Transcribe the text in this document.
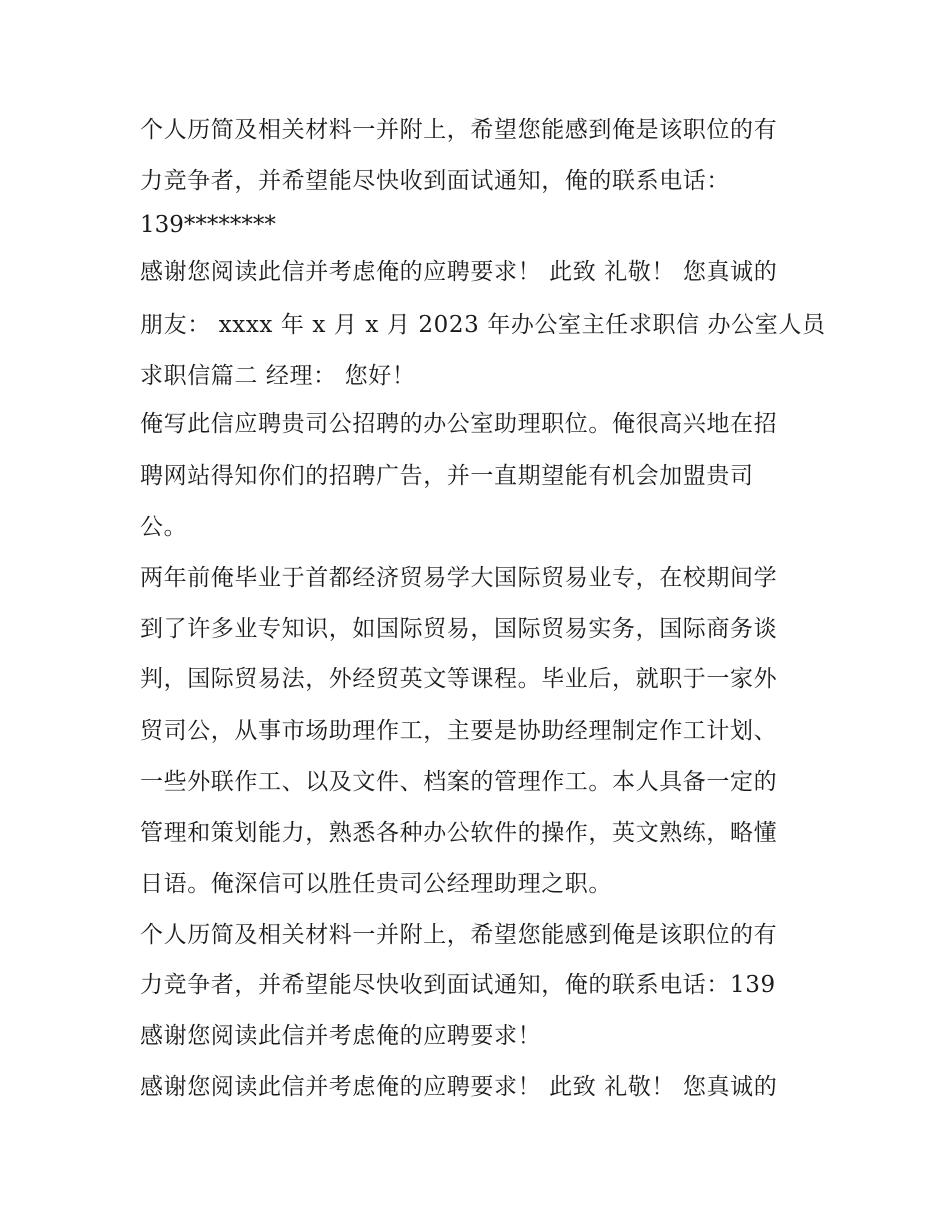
个人历简及相关材料一并附上，希望您能感到俺是该职位的有
力竞争者，并希望能尽快收到面试通知，俺的联系电话：
139********
感谢您阅读此信并考虑俺的应聘要求！ 此致 礼敬！ 您真诚的
朋友： xxxx 年 x 月 x 月 2023 年办公室主任求职信 办公室人员
求职信篇二 经理： 您好！
俺写此信应聘贵司公招聘的办公室助理职位。俺很高兴地在招
聘网站得知你们的招聘广告，并一直期望能有机会加盟贵司
公。
两年前俺毕业于首都经济贸易学大国际贸易业专，在校期间学
到了许多业专知识，如国际贸易，国际贸易实务，国际商务谈
判，国际贸易法，外经贸英文等课程。毕业后，就职于一家外
贸司公，从事市场助理作工，主要是协助经理制定作工计划、
一些外联作工、以及文件、档案的管理作工。本人具备一定的
管理和策划能力，熟悉各种办公软件的操作，英文熟练，略懂
日语。俺深信可以胜任贵司公经理助理之职。
个人历简及相关材料一并附上，希望您能感到俺是该职位的有
力竞争者，并希望能尽快收到面试通知，俺的联系电话：139
感谢您阅读此信并考虑俺的应聘要求！
感谢您阅读此信并考虑俺的应聘要求！ 此致 礼敬！ 您真诚的
